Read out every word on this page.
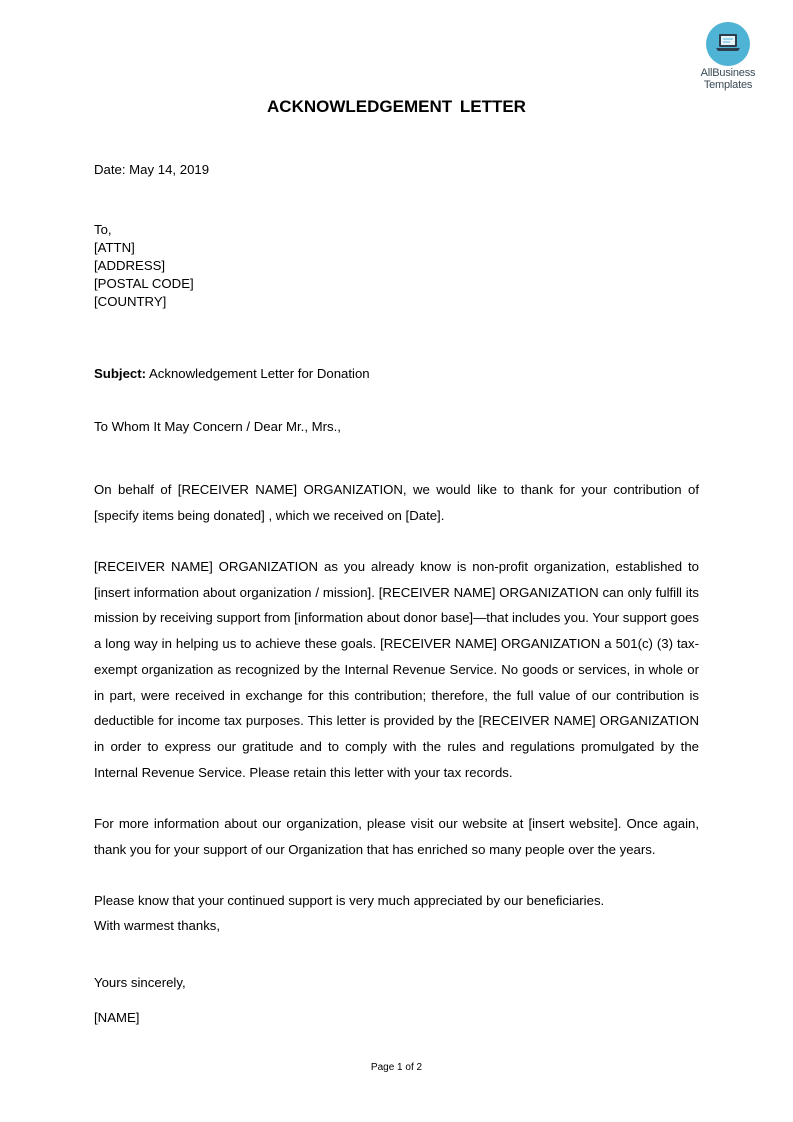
AllBusiness
Templates
ACKNOWLEDGEMENT LETTER
Date: May 14, 2019
To,
[ATTN]
[ADDRESS]
[POSTAL CODE]
[COUNTRY]
Subject: Acknowledgement Letter for Donation
To Whom It May Concern / Dear Mr., Mrs.,
On behalf of [RECEIVER NAME] ORGANIZATION, we would like to thank for your contribution of [specify items being donated] , which we received on [Date].
[RECEIVER NAME] ORGANIZATION as you already know is non-profit organization, established to [insert information about organization / mission]. [RECEIVER NAME] ORGANIZATION can only fulfill its mission by receiving support from [information about donor base]—that includes you. Your support goes a long way in helping us to achieve these goals. [RECEIVER NAME] ORGANIZATION a 501(c) (3) tax-exempt organization as recognized by the Internal Revenue Service. No goods or services, in whole or in part, were received in exchange for this contribution; therefore, the full value of our contribution is deductible for income tax purposes. This letter is provided by the [RECEIVER NAME] ORGANIZATION in order to express our gratitude and to comply with the rules and regulations promulgated by the Internal Revenue Service. Please retain this letter with your tax records.
For more information about our organization, please visit our website at [insert website]. Once again, thank you for your support of our Organization that has enriched so many people over the years.
Please know that your continued support is very much appreciated by our beneficiaries.
With warmest thanks,
Yours sincerely,
[NAME]
Page 1 of 2
